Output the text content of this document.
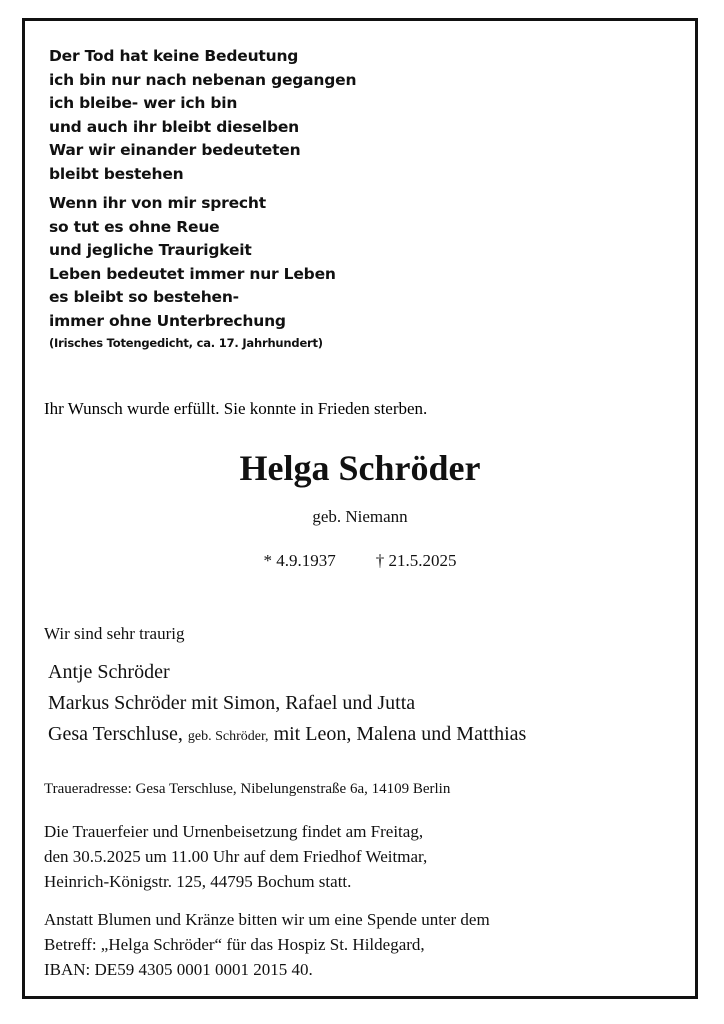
Der Tod hat keine Bedeutung
ich bin nur nach nebenan gegangen
ich bleibe- wer ich bin
und auch ihr bleibt dieselben
War wir einander bedeuteten
bleibt bestehen
Wenn ihr von mir sprecht
so tut es ohne Reue
und jegliche Traurigkeit
Leben bedeutet immer nur Leben
es bleibt so bestehen-
immer ohne Unterbrechung
(Irisches Totengedicht, ca. 17. Jahrhundert)
Ihr Wunsch wurde erfüllt. Sie konnte in Frieden sterben.
Helga Schröder
geb. Niemann
* 4.9.1937 † 21.5.2025
Wir sind sehr traurig
Antje Schröder
Markus Schröder mit Simon, Rafael und Jutta
Gesa Terschluse, geb. Schröder, mit Leon, Malena und Matthias
Traueradresse: Gesa Terschluse, Nibelungenstraße 6a, 14109 Berlin
Die Trauerfeier und Urnenbeisetzung findet am Freitag,
den 30.5.2025 um 11.00 Uhr auf dem Friedhof Weitmar,
Heinrich-Königstr. 125, 44795 Bochum statt.
Anstatt Blumen und Kränze bitten wir um eine Spende unter dem
Betreff: „Helga Schröder“ für das Hospiz St. Hildegard,
IBAN: DE59 4305 0001 0001 2015 40.
